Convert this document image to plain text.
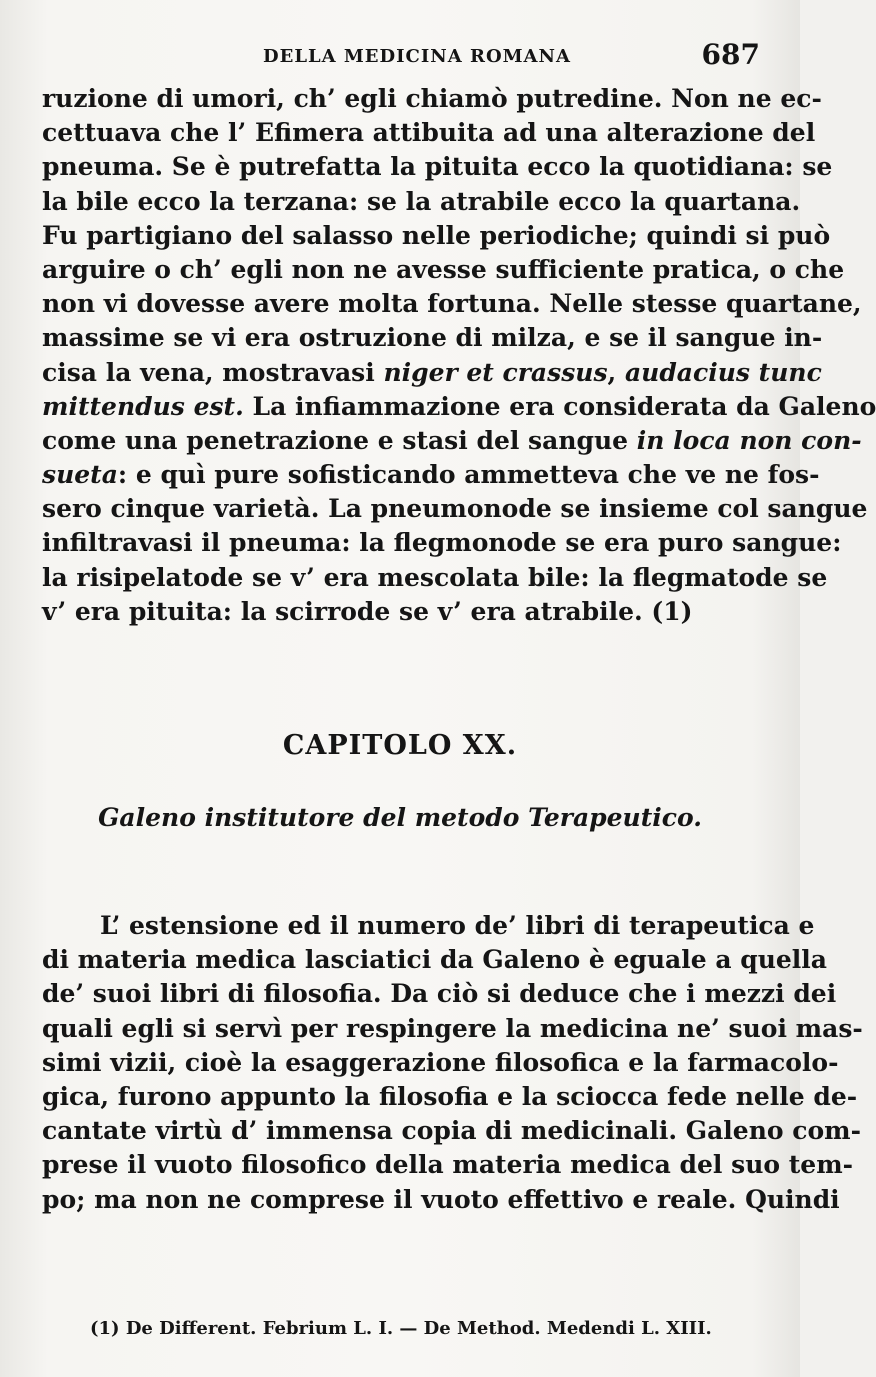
DELLA MEDICINA ROMANA	687
ruzione di umori, ch’ egli chiamò putredine. Non ne ec-
cettuava che l’ Efimera attibuita ad una alterazione del
pneuma. Se è putrefatta la pituita ecco la quotidiana: se
la bile ecco la terzana: se la atrabile ecco la quartana.
Fu partigiano del salasso nelle periodiche; quindi si può
arguire o ch’ egli non ne avesse sufficiente pratica, o che
non vi dovesse avere molta fortuna. Nelle stesse quartane,
massime se vi era ostruzione di milza, e se il sangue in-
cisa la vena, mostravasi niger et crassus, audacius tunc
mittendus est. La infiammazione era considerata da Galeno
come una penetrazione e stasi del sangue in loca non con-
sueta: e quì pure sofisticando ammetteva che ve ne fos-
sero cinque varietà. La pneumonode se insieme col sangue
infiltravasi il pneuma: la flegmonode se era puro sangue:
la risipelatode se v’ era mescolata bile: la flegmatode se
v’ era pituita: la scirrode se v’ era atrabile. (1)
CAPITOLO XX.
Galeno institutore del metodo Terapeutico.
L’ estensione ed il numero de’ libri di terapeutica e
di materia medica lasciatici da Galeno è eguale a quella
de’ suoi libri di filosofia. Da ciò si deduce che i mezzi dei
quali egli si servì per respingere la medicina ne’ suoi mas-
simi vizii, cioè la esaggerazione filosofica e la farmacolo-
gica, furono appunto la filosofia e la sciocca fede nelle de-
cantate virtù d’ immensa copia di medicinali. Galeno com-
prese il vuoto filosofico della materia medica del suo tem-
po; ma non ne comprese il vuoto effettivo e reale. Quindi
(1) De Different. Febrium L. I. — De Method. Medendi L. XIII.
